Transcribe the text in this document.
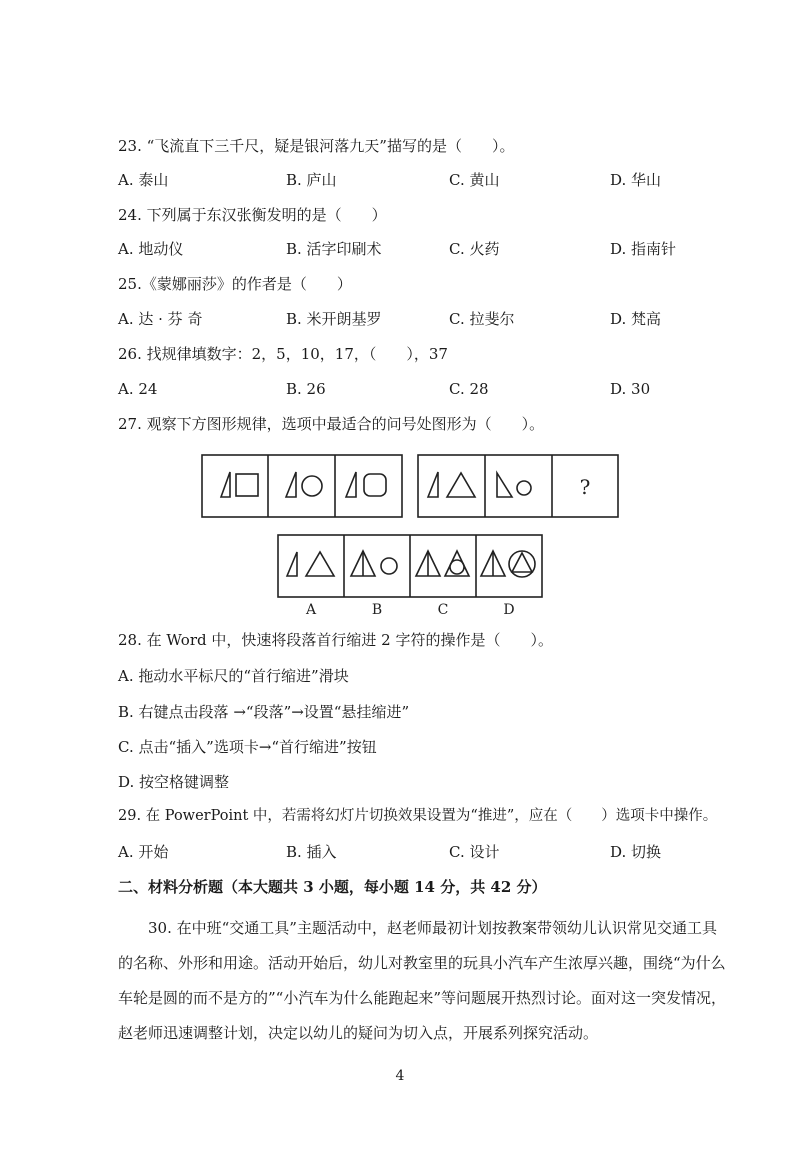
23. “飞流直下三千尺，疑是银河落九天”描写的是（　　）。
A. 泰山	B. 庐山	C. 黄山	D. 华山
24. 下列属于东汉张衡发明的是（　　）
A. 地动仪	B. 活字印刷术	C. 火药	D. 指南针
25.《蒙娜丽莎》的作者是（　　）
A. 达 · 芬 奇	B. 米开朗基罗	C. 拉斐尔	D. 梵高
26. 找规律填数字：2，5，10，17，（　　），37
A. 24	B. 26	C. 28	D. 30
27. 观察下方图形规律，选项中最适合的问号处图形为（　　）。
?
A	B	C	D
28. 在 Word 中，快速将段落首行缩进 2 字符的操作是（　　）。
A. 拖动水平标尺的“首行缩进”滑块
B. 右键点击段落 →“段落”→设置“悬挂缩进”
C. 点击“插入”选项卡→“首行缩进”按钮
D. 按空格键调整
29. 在 PowerPoint 中，若需将幻灯片切换效果设置为“推进”，应在（　　）选项卡中操作。
A. 开始	B. 插入	C. 设计	D. 切换
二、材料分析题（本大题共 3 小题，每小题 14 分，共 42 分）
30. 在中班“交通工具”主题活动中，赵老师最初计划按教案带领幼儿认识常见交通工具的名称、外形和用途。活动开始后，幼儿对教室里的玩具小汽车产生浓厚兴趣，围绕“为什么车轮是圆的而不是方的”“小汽车为什么能跑起来”等问题展开热烈讨论。面对这一突发情况，赵老师迅速调整计划，决定以幼儿的疑问为切入点，开展系列探究活动。
4
